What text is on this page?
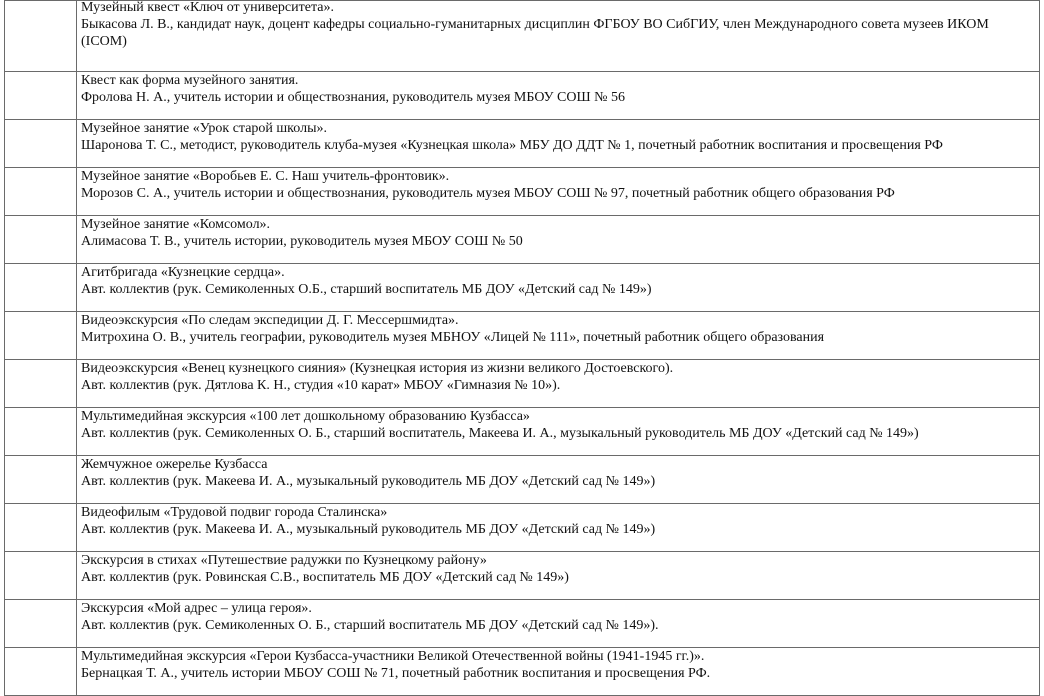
	Музейный квест «Ключ от университета».
Быкасова Л. В., кандидат наук, доцент кафедры социально-гуманитарных дисциплин ФГБОУ ВО СибГИУ, член Международного совета музеев ИКОМ (ICOM)

	Квест как форма музейного занятия.
Фролова Н. А., учитель истории и обществознания, руководитель музея МБОУ СОШ № 56

	Музейное занятие «Урок старой школы».
Шаронова Т. С., методист, руководитель клуба-музея «Кузнецкая школа» МБУ ДО ДДТ № 1, почетный работник воспитания и просвещения РФ

	Музейное занятие «Воробьев Е. С. Наш учитель-фронтовик».
Морозов С. А., учитель истории и обществознания, руководитель музея МБОУ СОШ № 97, почетный работник общего образования РФ

	Музейное занятие «Комсомол».
Алимасова Т. В., учитель истории, руководитель музея МБОУ СОШ № 50

	Агитбригада «Кузнецкие сердца».
Авт. коллектив (рук. Семиколенных О.Б., старший воспитатель МБ ДОУ «Детский сад № 149»)

	Видеоэкскурсия «По следам экспедиции Д. Г. Мессершмидта».
Митрохина О. В., учитель географии, руководитель музея МБНОУ «Лицей № 111», почетный работник общего образования

	Видеоэкскурсия «Венец кузнецкого сияния» (Кузнецкая история из жизни великого Достоевского).
Авт. коллектив (рук. Дятлова К. Н., студия «10 карат» МБОУ «Гимназия № 10»).

	Мультимедийная экскурсия «100 лет дошкольному образованию Кузбасса»
Авт. коллектив (рук. Семиколенных О. Б., старший воспитатель, Макеева И. А., музыкальный руководитель МБ ДОУ «Детский сад № 149»)

	Жемчужное ожерелье Кузбасса
Авт. коллектив (рук. Макеева И. А., музыкальный руководитель МБ ДОУ «Детский сад № 149»)

	Видеофилым «Трудовой подвиг города Сталинска»
Авт. коллектив (рук. Макеева И. А., музыкальный руководитель МБ ДОУ «Детский сад № 149»)

	Экскурсия в стихах «Путешествие радужки по Кузнецкому району»
Авт. коллектив (рук. Ровинская С.В., воспитатель МБ ДОУ «Детский сад № 149»)

	Экскурсия «Мой адрес – улица героя».
Авт. коллектив (рук. Семиколенных О. Б., старший воспитатель МБ ДОУ «Детский сад № 149»).

	Мультимедийная экскурсия «Герои Кузбасса-участники Великой Отечественной войны (1941-1945 гг.)».
Бернацкая Т. А., учитель истории МБОУ СОШ № 71, почетный работник воспитания и просвещения РФ.
